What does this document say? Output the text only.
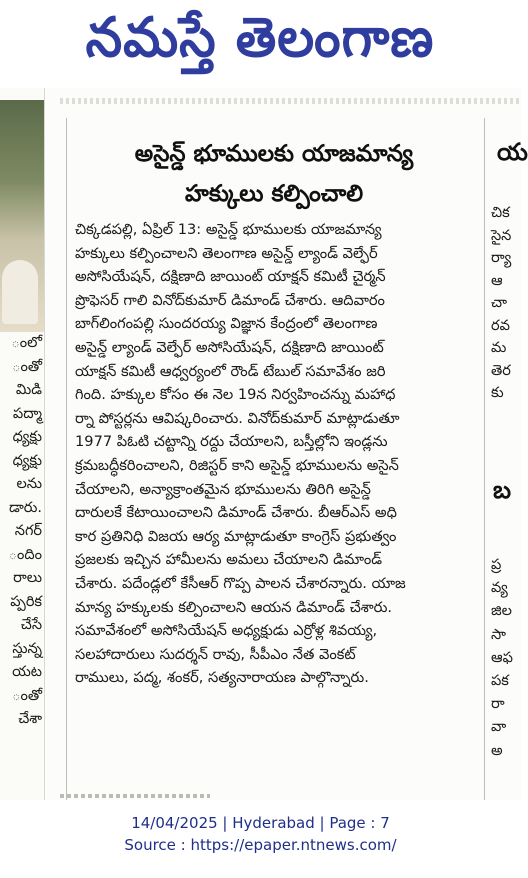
నమస్తే తెలంగాణ
ంలో
ంతో
మిడి
పద్మా
ధ్యక్షు
ధ్యక్షు
లను
డారు.
నగర్
ందిం
రాలు
ప్పరిక
చేసే
స్తున్న
యట
ంతో
చేశా
అసైన్డ్ భూములకు యాజమాన్య
హక్కులు కల్పించాలి
చిక్కడపల్లి, ఏప్రిల్ 13: అసైన్డ్ భూములకు యాజమాన్య
హక్కులు కల్పించాలని తెలంగాణ అసైన్డ్ ల్యాండ్ వెల్ఫేర్
అసోసియేషన్, దక్షిణాది జాయింట్ యాక్షన్ కమిటీ చైర్మన్
ప్రొఫెసర్ గాలి వినోద్‌కుమార్ డిమాండ్ చేశారు. ఆదివారం
బాగ్‌లింగంపల్లి సుందరయ్య విజ్ఞాన కేంద్రంలో తెలంగాణ
అసైన్డ్ ల్యాండ్ వెల్ఫేర్ అసోసియేషన్, దక్షిణాది జాయింట్
యాక్షన్ కమిటీ ఆధ్వర్యంలో రౌండ్ టేబుల్ సమావేశం జరి
గింది. హక్కుల కోసం ఈ నెల 19న నిర్వహించన్ను మహాధ
ర్నా పోస్టర్లను ఆవిష్కరించారు. వినోద్‌కుమార్ మాట్లాడుతూ
1977 పిఓటి చట్టాన్ని రద్దు చేయాలని, బస్తీల్లోని ఇండ్లను
క్రమబద్ధీకరించాలని, రిజిస్టర్ కాని అసైన్డ్ భూములను అసైన్
చేయాలని, అన్యాక్రాంతమైన భూములను తిరిగి అసైన్డ్
దారులకే కేటాయించాలని డిమాండ్ చేశారు. బీఆర్ఎస్ అధి
కార ప్రతినిధి విజయ ఆర్య మాట్లాడుతూ కాంగ్రెస్ ప్రభుత్వం
ప్రజలకు ఇచ్చిన హామీలను అమలు చేయాలని డిమాండ్
చేశారు. పదేండ్లలో కేసీఆర్ గొప్ప పాలన చేశారన్నారు. యాజ
మాన్య హక్కులకు కల్పించాలని ఆయన డిమాండ్ చేశారు.
సమావేశంలో అసోసియేషన్ అధ్యక్షుడు ఎర్రోళ్ల శివయ్య,
సలహాదారులు సుదర్శన్ రావు, సీపీఎం నేత వెంకట్
రాములు, పద్మ, శంకర్, సత్యనారాయణ పాల్గొన్నారు.
య
చిక
సైన
ర్యా
ఆ
చా
రవ
మ
తెర
కు
బ
ప్ర
వ్య
జిల
సా
ఆఫ
పక
రా
వా
అ
14/04/2025 | Hyderabad | Page : 7
Source : https://epaper.ntnews.com/
